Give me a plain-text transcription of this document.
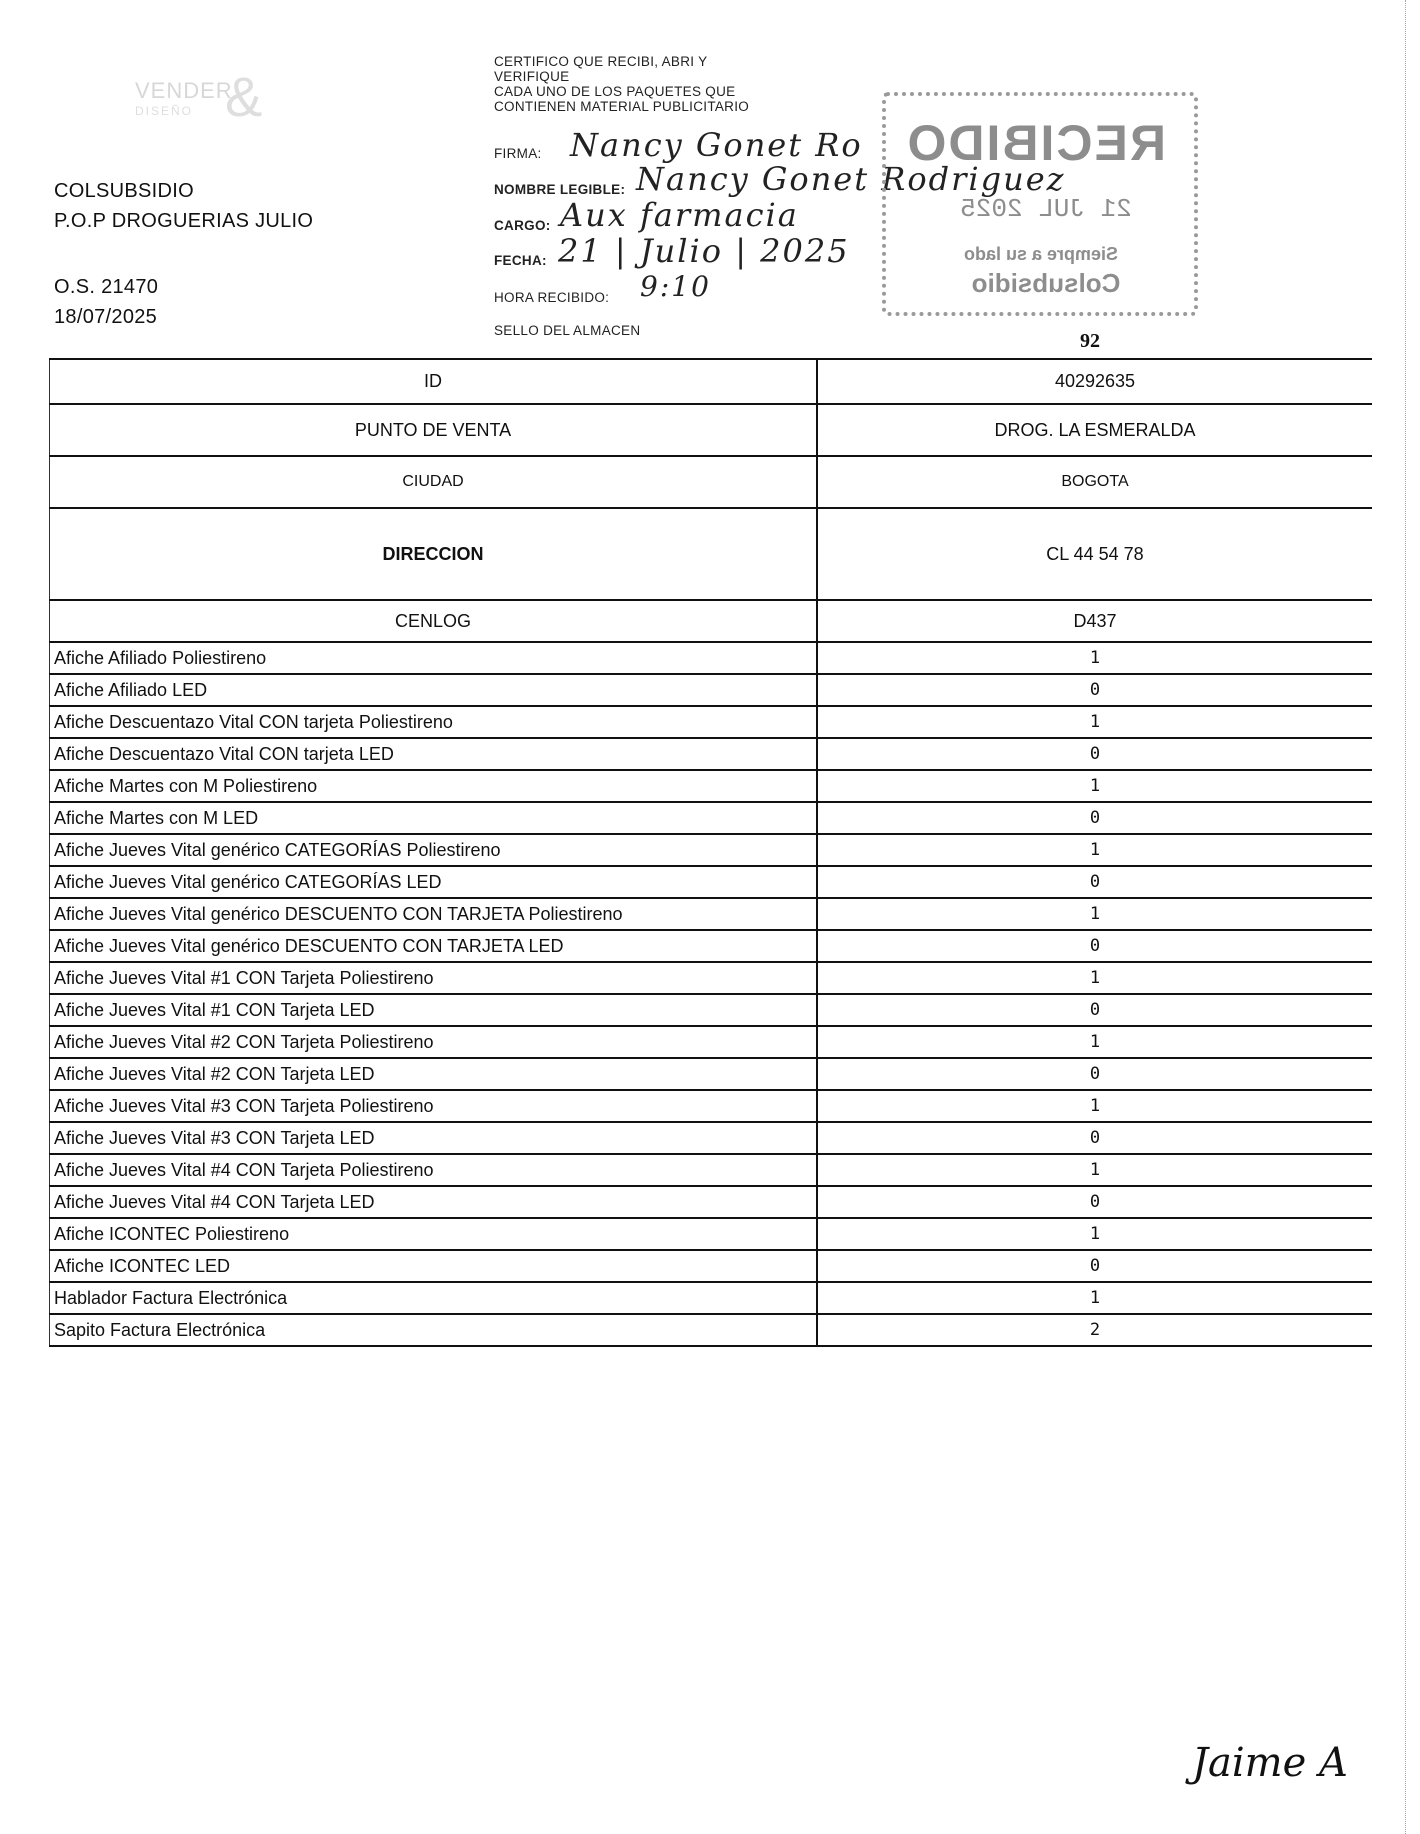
VENDER
DISEÑO &
COLSUBSIDIO
P.O.P DROGUERIAS JULIO
O.S. 21470
18/07/2025
CERTIFICO QUE RECIBI, ABRI Y
VERIFIQUE
CADA UNO DE LOS PAQUETES QUE
CONTIENEN MATERIAL PUBLICITARIO
FIRMA: Nancy Gonet Ro
NOMBRE LEGIBLE: Nancy Gonet Rodriguez
CARGO: Aux farmacia
FECHA: 21 | Julio | 2025
HORA RECIBIDO: 9:10
SELLO DEL ALMACEN
RECIBIDO
21 JUL 2025
Siempre a su lado
Colsubsidio
92
ID	40292635
PUNTO DE VENTA	DROG. LA ESMERALDA
CIUDAD	BOGOTA
DIRECCION	CL 44 54 78
CENLOG	D437
Afiche Afiliado Poliestireno	1
Afiche Afiliado LED	0
Afiche Descuentazo Vital CON tarjeta Poliestireno	1
Afiche Descuentazo Vital CON tarjeta LED	0
Afiche Martes con M Poliestireno	1
Afiche Martes con M LED	0
Afiche Jueves Vital genérico CATEGORÍAS Poliestireno	1
Afiche Jueves Vital genérico CATEGORÍAS LED	0
Afiche Jueves Vital genérico DESCUENTO CON TARJETA Poliestireno	1
Afiche Jueves Vital genérico DESCUENTO CON TARJETA LED	0
Afiche Jueves Vital #1 CON Tarjeta Poliestireno	1
Afiche Jueves Vital #1 CON Tarjeta LED	0
Afiche Jueves Vital #2 CON Tarjeta Poliestireno	1
Afiche Jueves Vital #2 CON Tarjeta LED	0
Afiche Jueves Vital #3 CON Tarjeta Poliestireno	1
Afiche Jueves Vital #3 CON Tarjeta LED	0
Afiche Jueves Vital #4 CON Tarjeta Poliestireno	1
Afiche Jueves Vital #4 CON Tarjeta LED	0
Afiche ICONTEC Poliestireno	1
Afiche ICONTEC LED	0
Hablador Factura Electrónica	1
Sapito Factura Electrónica	2
Jaime A
